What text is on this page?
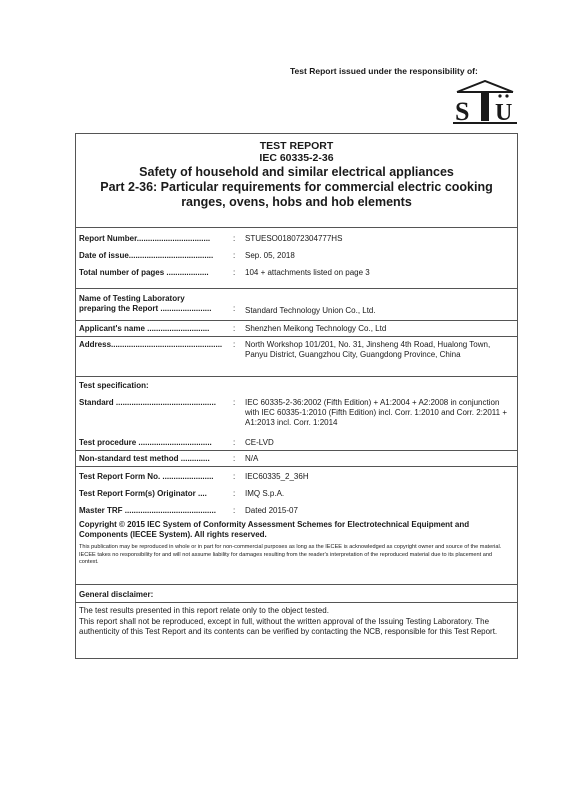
Test Report issued under the responsibility of:
S U
TEST REPORT
IEC 60335-2-36
Safety of household and similar electrical appliances
Part 2-36: Particular requirements for commercial electric cooking ranges, ovens, hobs and hob elements
Report Number.................................	: STUESO018072304777HS
Date of issue......................................	: Sep. 05, 2018
Total number of pages ...................	: 104 + attachments listed on page 3
Name of Testing Laboratory
preparing the Report .......................	: Standard Technology Union Co., Ltd.
Applicant's name ............................	: Shenzhen Meikong Technology Co., Ltd
Address..................................................	: North Workshop 101/201, No. 31, Jinsheng 4th Road, Hualong Town, Panyu District, Guangzhou City, Guangdong Province, China
Test specification:
Standard .............................................	: IEC 60335-2-36:2002 (Fifth Edition) + A1:2004 + A2:2008 in conjunction with IEC 60335-1:2010 (Fifth Edition) incl. Corr. 1:2010 and Corr. 2:2011 + A1:2013 incl. Corr. 1:2014
Test procedure .................................	: CE-LVD
Non-standard test method .............	: N/A
Test Report Form No. .......................	: IEC60335_2_36H
Test Report Form(s) Originator ....	: IMQ S.p.A.
Master TRF .........................................	: Dated 2015-07
Copyright © 2015 IEC System of Conformity Assessment Schemes for Electrotechnical Equipment and Components (IECEE System). All rights reserved.
This publication may be reproduced in whole or in part for non-commercial purposes as long as the IECEE is acknowledged as copyright owner and source of the material. IECEE takes no responsibility for and will not assume liability for damages resulting from the reader's interpretation of the reproduced material due to its placement and context.
General disclaimer:
The test results presented in this report relate only to the object tested.
This report shall not be reproduced, except in full, without the written approval of the Issuing Testing Laboratory. The authenticity of this Test Report and its contents can be verified by contacting the NCB, responsible for this Test Report.
